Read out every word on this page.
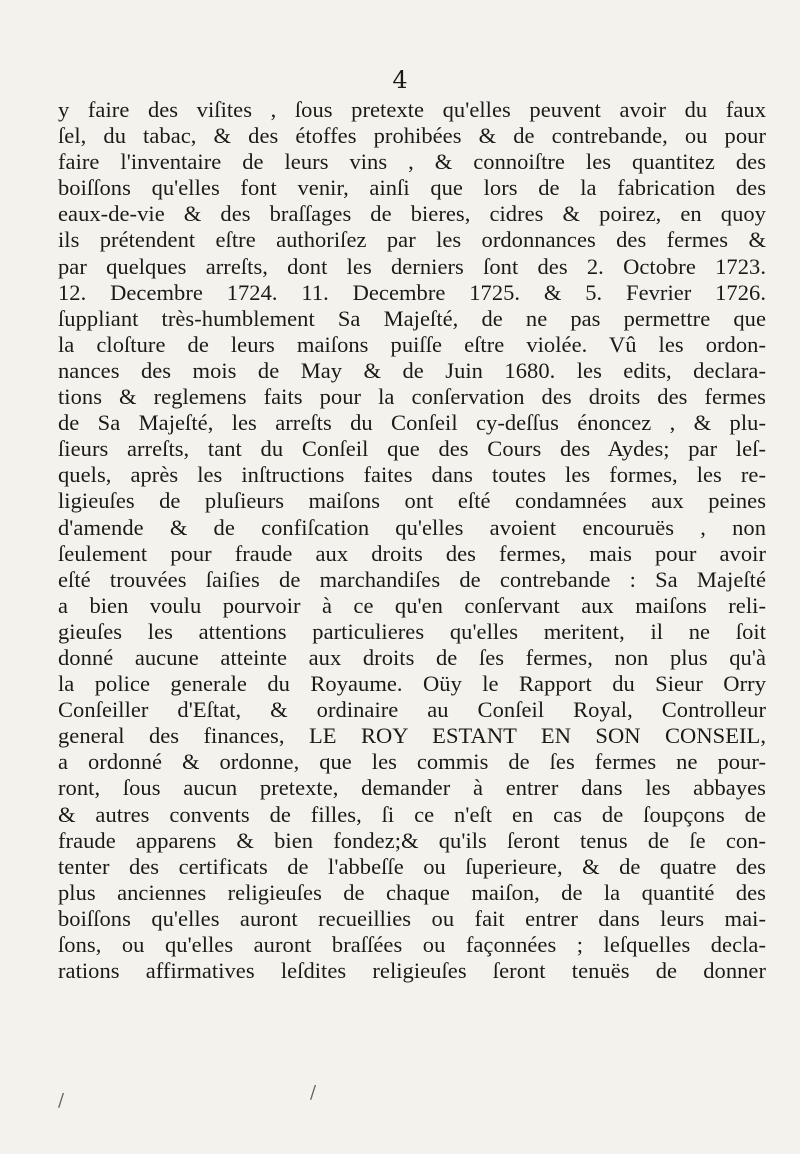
4
y faire des viſites , ſous pretexte qu'elles peuvent avoir du faux
ſel, du tabac, & des étoffes prohibées & de contrebande, ou pour
faire l'inventaire de leurs vins , & connoiſtre les quantitez des
boiſſons qu'elles font venir, ainſi que lors de la fabrication des
eaux-de-vie & des braſſages de bieres, cidres & poirez, en quoy
ils prétendent eſtre authoriſez par les ordonnances des fermes &
par quelques arreſts, dont les derniers ſont des 2. Octobre 1723.
12. Decembre 1724. 11. Decembre 1725. & 5. Fevrier 1726.
ſuppliant très-humblement Sa Majeſté, de ne pas permettre que
la cloſture de leurs maiſons puiſſe eſtre violée. Vû les ordon-
nances des mois de May & de Juin 1680. les edits, declara-
tions & reglemens faits pour la conſervation des droits des fermes
de Sa Majeſté, les arreſts du Conſeil cy-deſſus énoncez , & plu-
ſieurs arreſts, tant du Conſeil que des Cours des Aydes; par leſ-
quels, après les inſtructions faites dans toutes les formes, les re-
ligieuſes de pluſieurs maiſons ont eſté condamnées aux peines
d'amende & de confiſcation qu'elles avoient encouruës , non
ſeulement pour fraude aux droits des fermes, mais pour avoir
eſté trouvées ſaiſies de marchandiſes de contrebande : Sa Majeſté
a bien voulu pourvoir à ce qu'en conſervant aux maiſons reli-
gieuſes les attentions particulieres qu'elles meritent, il ne ſoit
donné aucune atteinte aux droits de ſes fermes, non plus qu'à
la police generale du Royaume. Oüy le Rapport du Sieur Orry
Conſeiller d'Eſtat, & ordinaire au Conſeil Royal, Controlleur
general des finances, LE ROY ESTANT EN SON CONSEIL,
a ordonné & ordonne, que les commis de ſes fermes ne pour-
ront, ſous aucun pretexte, demander à entrer dans les abbayes
& autres convents de filles, ſi ce n'eſt en cas de ſoupçons de
fraude apparens & bien fondez;& qu'ils ſeront tenus de ſe con-
tenter des certificats de l'abbeſſe ou ſuperieure, & de quatre des
plus anciennes religieuſes de chaque maiſon, de la quantité des
boiſſons qu'elles auront recueillies ou fait entrer dans leurs mai-
ſons, ou qu'elles auront braſſées ou façonnées ; leſquelles decla-
rations affirmatives leſdites religieuſes ſeront tenuës de donner
/	/
